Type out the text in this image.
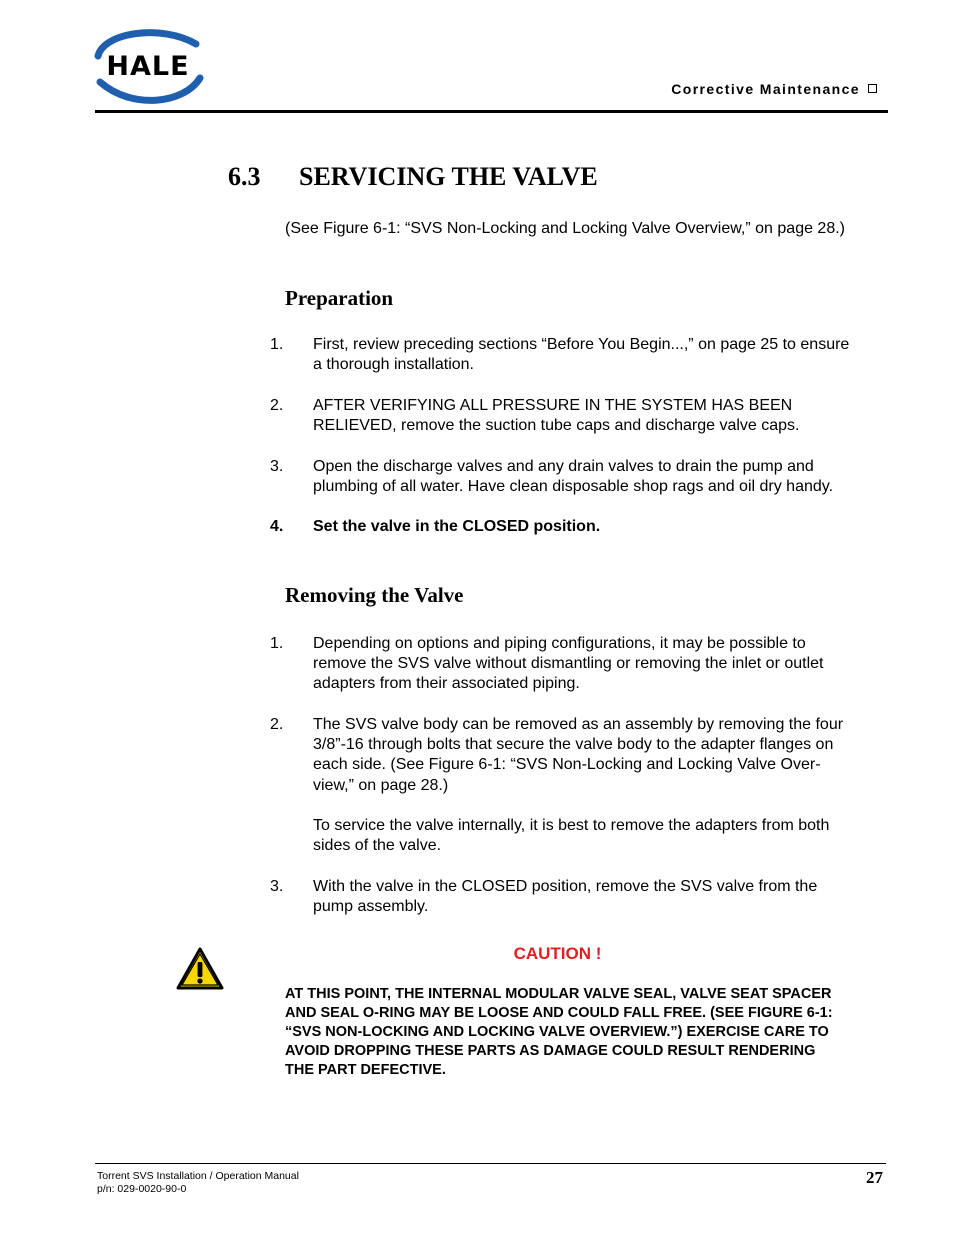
HALE
Corrective Maintenance
6.3 SERVICING THE VALVE
(See Figure 6-1: “SVS Non-Locking and Locking Valve Overview,” on page 28.)
Preparation
1.	First, review preceding sections “Before You Begin...,” on page 25 to ensure
a thorough installation.
2.	AFTER VERIFYING ALL PRESSURE IN THE SYSTEM HAS BEEN
RELIEVED, remove the suction tube caps and discharge valve caps.
3.	Open the discharge valves and any drain valves to drain the pump and
plumbing of all water. Have clean disposable shop rags and oil dry handy.
4.	Set the valve in the CLOSED position.
Removing the Valve
1.	Depending on options and piping configurations, it may be possible to
remove the SVS valve without dismantling or removing the inlet or outlet
adapters from their associated piping.
2.	The SVS valve body can be removed as an assembly by removing the four
3/8”-16 through bolts that secure the valve body to the adapter flanges on
each side. (See Figure 6-1: “SVS Non-Locking and Locking Valve Over-
view,” on page 28.)
To service the valve internally, it is best to remove the adapters from both
sides of the valve.
3.	With the valve in the CLOSED position, remove the SVS valve from the
pump assembly.
CAUTION !
AT THIS POINT, THE INTERNAL MODULAR VALVE SEAL, VALVE SEAT SPACER
AND SEAL O-RING MAY BE LOOSE AND COULD FALL FREE. (SEE FIGURE 6-1:
“SVS NON-LOCKING AND LOCKING VALVE OVERVIEW.”) EXERCISE CARE TO
AVOID DROPPING THESE PARTS AS DAMAGE COULD RESULT RENDERING
THE PART DEFECTIVE.
Torrent SVS Installation / Operation Manual
p/n: 029-0020-90-0
27
